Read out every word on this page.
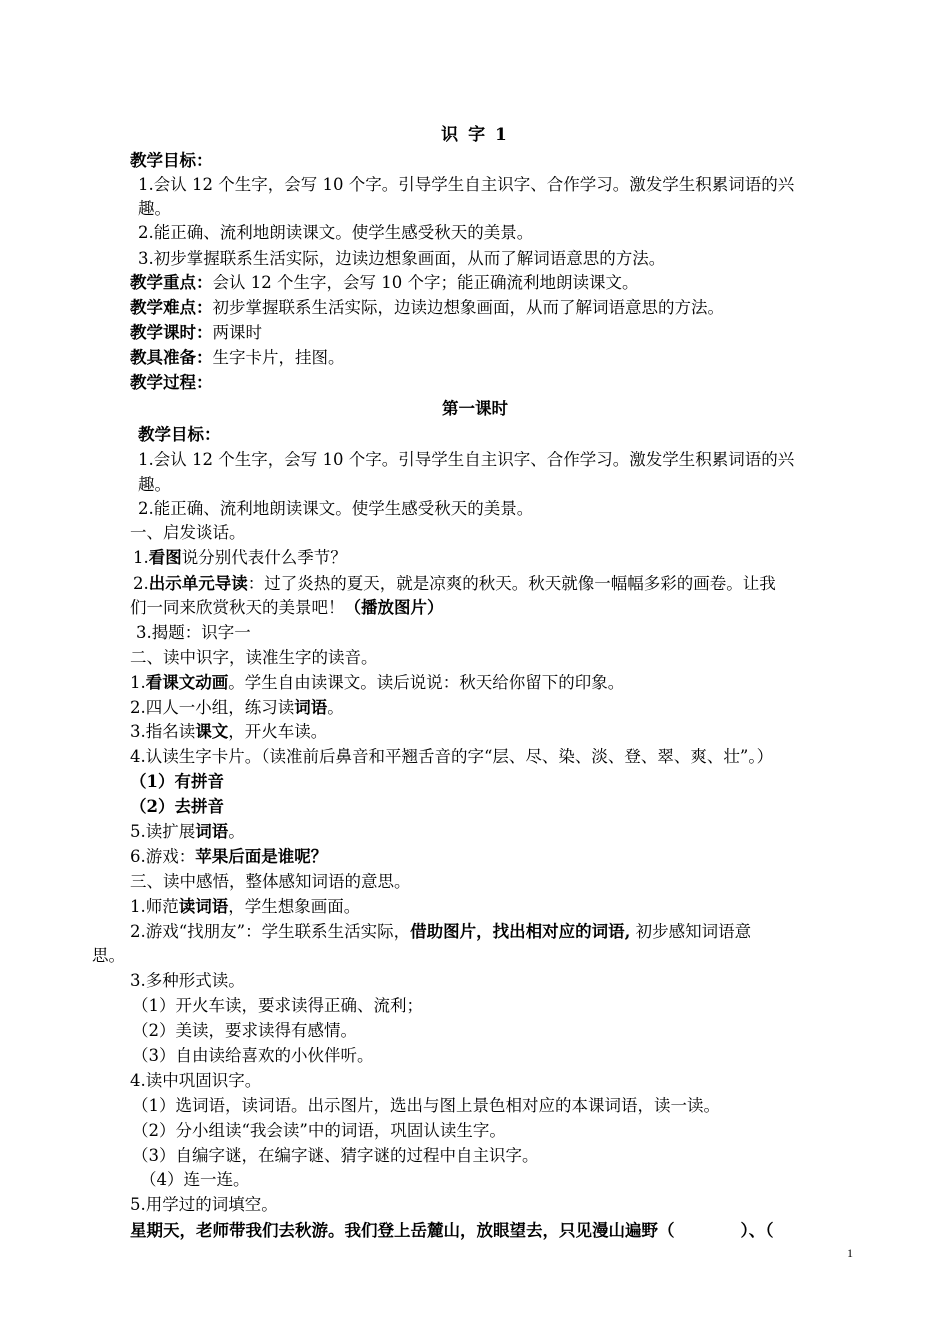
识 字 1
教学目标：
1.会认 12 个生字，会写 10 个字。引导学生自主识字、合作学习。激发学生积累词语的兴
趣。
2.能正确、流利地朗读课文。使学生感受秋天的美景。
3.初步掌握联系生活实际，边读边想象画面，从而了解词语意思的方法。
教学重点：会认 12 个生字，会写 10 个字；能正确流利地朗读课文。
教学难点：初步掌握联系生活实际，边读边想象画面，从而了解词语意思的方法。
教学课时：两课时
教具准备：生字卡片，挂图。
教学过程：
第一课时
教学目标：
1.会认 12 个生字，会写 10 个字。引导学生自主识字、合作学习。激发学生积累词语的兴
趣。
2.能正确、流利地朗读课文。使学生感受秋天的美景。
一、启发谈话。
1.看图说分别代表什么季节？
2.出示单元导读：过了炎热的夏天，就是凉爽的秋天。秋天就像一幅幅多彩的画卷。让我
们一同来欣赏秋天的美景吧！（播放图片）
3.揭题：识字一
二、读中识字，读准生字的读音。
1.看课文动画。学生自由读课文。读后说说：秋天给你留下的印象。
2.四人一小组，练习读词语。
3.指名读课文，开火车读。
4.认读生字卡片。（读准前后鼻音和平翘舌音的字“层、尽、染、淡、登、翠、爽、壮”。）
（1）有拼音
（2）去拼音
5.读扩展词语。
6.游戏：苹果后面是谁呢？
三、读中感悟，整体感知词语的意思。
1.师范读词语，学生想象画面。
2.游戏“找朋友”：学生联系生活实际，借助图片，找出相对应的词语, 初步感知词语意
思。
3.多种形式读。
（1）开火车读，要求读得正确、流利；
（2）美读，要求读得有感情。
（3）自由读给喜欢的小伙伴听。
4.读中巩固识字。
（1）选词语，读词语。出示图片，选出与图上景色相对应的本课词语，读一读。
（2）分小组读“我会读”中的词语，巩固认读生字。
（3）自编字谜，在编字谜、猜字谜的过程中自主识字。
（4）连一连。
5.用学过的词填空。
星期天，老师带我们去秋游。我们登上岳麓山，放眼望去，只见漫山遍野（　　　　）、（
1
